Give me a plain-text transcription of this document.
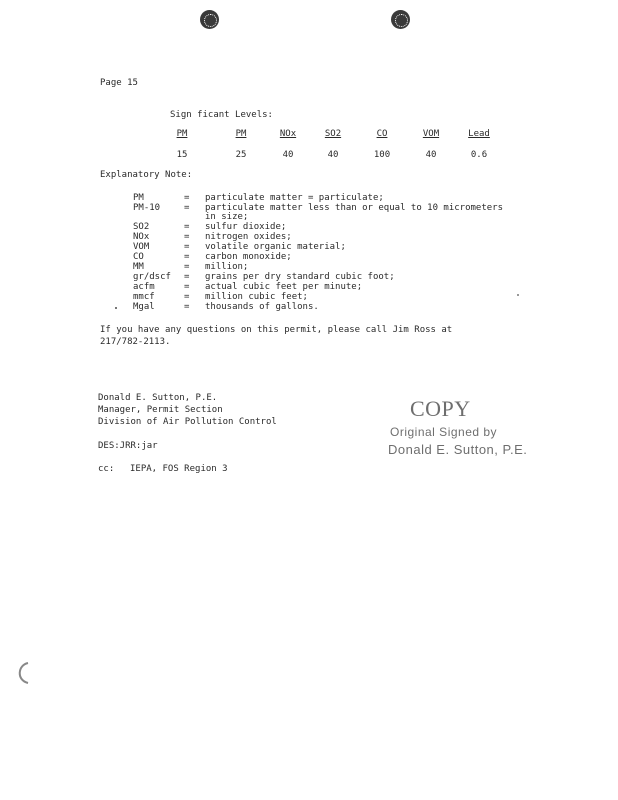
Page 15
Sign ficant Levels:
PM	PM	NOx	SO2	CO	VOM	Lead
15	25	40	40	100	40	0.6
Explanatory Note:
PM	= particulate matter = particulate;
PM-10	= particulate matter less than or equal to 10 micrometers
in size;
SO2	= sulfur dioxide;
NOx	= nitrogen oxides;
VOM	= volatile organic material;
CO	= carbon monoxide;
MM	= million;
gr/dscf = grains per dry standard cubic foot;
acfm	= actual cubic feet per minute;
mmcf	= million cubic feet;
Mgal	= thousands of gallons.
If you have any questions on this permit, please call Jim Ross at
217/782-2113.
Donald E. Sutton, P.E.
Manager, Permit Section
Division of Air Pollution Control
DES:JRR:jar
cc: IEPA, FOS Region 3
COPY
Original Signed by
Donald E. Sutton, P.E.
